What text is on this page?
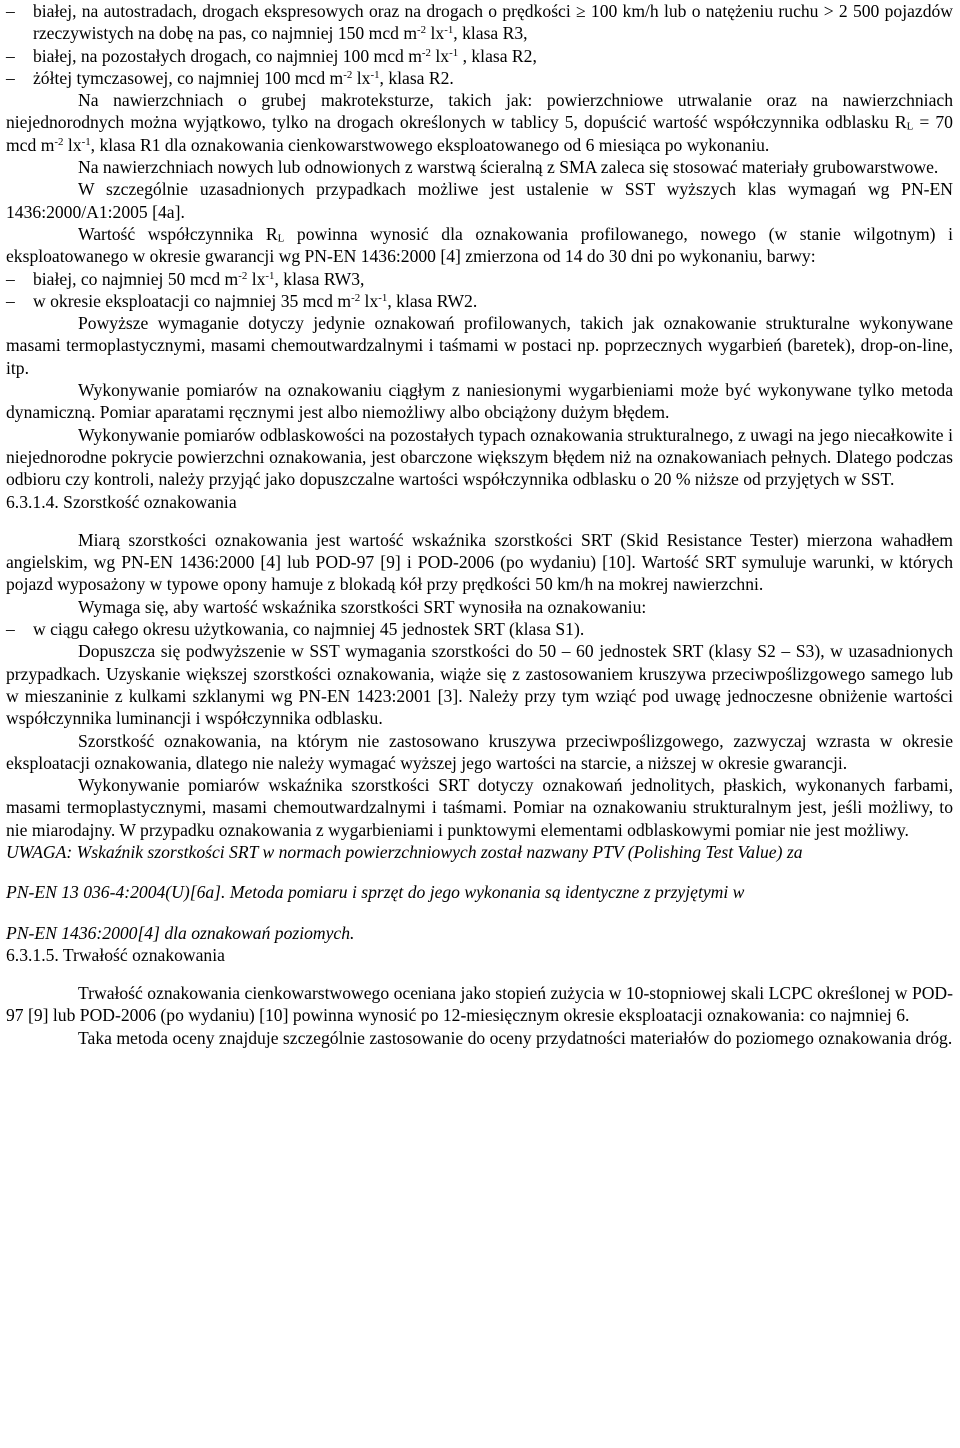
– białej, na autostradach, drogach ekspresowych oraz na drogach o prędkości ≥ 100 km/h lub o natężeniu ruchu > 2 500 pojazdów rzeczywistych na dobę na pas, co najmniej 150 mcd $m^{-2}$ $lx^{-1}$, klasa R3,
– białej, na pozostałych drogach, co najmniej 100 mcd $m^{-2}$ $lx^{-1}$ , klasa R2,
– żółtej tymczasowej, co najmniej 100 mcd $m^{-2}$ $lx^{-1}$, klasa R2.

Na nawierzchniach o grubej makroteksturze, takich jak: powierzchniowe utrwalanie oraz na nawierzchniach niejednorodnych można wyjątkowo, tylko na drogach określonych w tablicy 5, dopuścić wartość współczynnika odblasku RL = 70 mcd $m^{-2}$ $lx^{-1}$, klasa R1 dla oznakowania cienkowarstwowego eksploatowanego od 6 miesiąca po wykonaniu.

Na nawierzchniach nowych lub odnowionych z warstwą ścieralną z SMA zaleca się stosować materiały grubowarstwowe.

W szczególnie uzasadnionych przypadkach możliwe jest ustalenie w SST wyższych klas wymagań wg PN-EN 1436:2000/A1:2005 [4a].

Wartość współczynnika RL powinna wynosić dla oznakowania profilowanego, nowego (w stanie wilgotnym) i eksploatowanego w okresie gwarancji wg PN-EN 1436:2000 [4] zmierzona od 14 do 30 dni po wykonaniu, barwy:

– białej, co najmniej 50 mcd $m^{-2}$ $lx^{-1}$, klasa RW3,
– w okresie eksploatacji co najmniej 35 mcd $m^{-2}$ $lx^{-1}$, klasa RW2.

Powyższe wymaganie dotyczy jedynie oznakowań profilowanych, takich jak oznakowanie strukturalne wykonywane masami termoplastycznymi, masami chemoutwardzalnymi i taśmami w postaci np. poprzecznych wygarbień (baretek), drop-on-line, itp.

Wykonywanie pomiarów na oznakowaniu ciągłym z naniesionymi wygarbieniami może być wykonywane tylko metoda dynamiczną. Pomiar aparatami ręcznymi jest albo niemożliwy albo obciążony dużym błędem.

Wykonywanie pomiarów odblaskowości na pozostałych typach oznakowania strukturalnego, z uwagi na jego niecałkowite i niejednorodne pokrycie powierzchni oznakowania, jest obarczone większym błędem niż na oznakowaniach pełnych. Dlatego podczas odbioru czy kontroli, należy przyjąć jako dopuszczalne wartości współczynnika odblasku o 20 % niższe od przyjętych w SST.

6.3.1.4. Szorstkość oznakowania

Miarą szorstkości oznakowania jest wartość wskaźnika szorstkości SRT (Skid Resistance Tester) mierzona wahadłem angielskim, wg PN-EN 1436:2000 [4] lub POD-97 [9] i POD-2006 (po wydaniu) [10]. Wartość SRT symuluje warunki, w których pojazd wyposażony w typowe opony hamuje z blokadą kół przy prędkości 50 km/h na mokrej nawierzchni.

Wymaga się, aby wartość wskaźnika szorstkości SRT wynosiła na oznakowaniu:

– w ciągu całego okresu użytkowania, co najmniej 45 jednostek SRT (klasa S1).

Dopuszcza się podwyższenie w SST wymagania szorstkości do 50 – 60 jednostek SRT (klasy S2 – S3), w uzasadnionych przypadkach. Uzyskanie większej szorstkości oznakowania, wiąże się z zastosowaniem kruszywa przeciwpoślizgowego samego lub w mieszaninie z kulkami szklanymi wg PN-EN 1423:2001 [3]. Należy przy tym wziąć pod uwagę jednoczesne obniżenie wartości współczynnika luminancji i współczynnika odblasku.

Szorstkość oznakowania, na którym nie zastosowano kruszywa przeciwpoślizgowego, zazwyczaj wzrasta w okresie eksploatacji oznakowania, dlatego nie należy wymagać wyższej jego wartości na starcie, a niższej w okresie gwarancji.

Wykonywanie pomiarów wskaźnika szorstkości SRT dotyczy oznakowań jednolitych, płaskich, wykonanych farbami, masami termoplastycznymi, masami chemoutwardzalnymi i taśmami. Pomiar na oznakowaniu strukturalnym jest, jeśli możliwy, to nie miarodajny. W przypadku oznakowania z wygarbieniami i punktowymi elementami odblaskowymi pomiar nie jest możliwy.

UWAGA: Wskaźnik szorstkości SRT w normach powierzchniowych został nazwany PTV (Polishing Test Value) za

PN-EN 13 036-4:2004(U)[6a]. Metoda pomiaru i sprzęt do jego wykonania są identyczne z przyjętymi w

PN-EN 1436:2000[4] dla oznakowań poziomych.

6.3.1.5. Trwałość oznakowania

Trwałość oznakowania cienkowarstwowego oceniana jako stopień zużycia w 10-stopniowej skali LCPC określonej w POD-97 [9] lub POD-2006 (po wydaniu) [10] powinna wynosić po 12-miesięcznym okresie eksploatacji oznakowania: co najmniej 6.

Taka metoda oceny znajduje szczególnie zastosowanie do oceny przydatności materiałów do poziomego oznakowania dróg.
